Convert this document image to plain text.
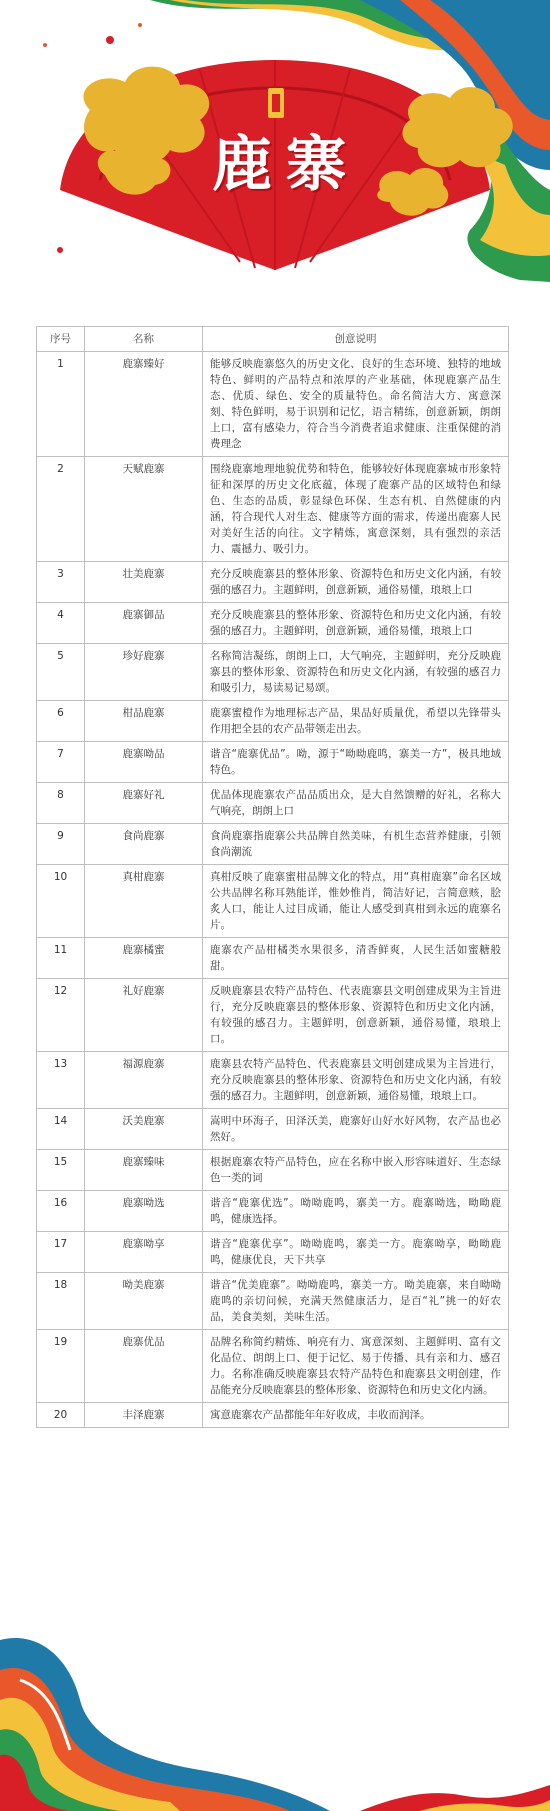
鹿寨
序号	名称	创意说明
1	鹿寨臻好	能够反映鹿寨悠久的历史文化、良好的生态环境、独特的地域特色、鲜明的产品特点和浓厚的产业基础，体现鹿寨产品生态、优质、绿色、安全的质量特色。命名简洁大方、寓意深刻、特色鲜明，易于识别和记忆，语言精练，创意新颖，朗朗上口，富有感染力，符合当今消费者追求健康、注重保健的消费理念
2	天赋鹿寨	围绕鹿寨地理地貌优势和特色，能够较好体现鹿寨城市形象特征和深厚的历史文化底蕴，体现了鹿寨产品的区域特色和绿色、生态的品质，彰显绿色环保、生态有机、自然健康的内涵，符合现代人对生态、健康等方面的需求，传递出鹿寨人民对美好生活的向往。文字精炼，寓意深刻，具有强烈的亲活力、震撼力、吸引力。
3	壮美鹿寨	充分反映鹿寨县的整体形象、资源特色和历史文化内涵，有较强的感召力。主题鲜明，创意新颖，通俗易懂，琅琅上口
4	鹿寨御品	充分反映鹿寨县的整体形象、资源特色和历史文化内涵，有较强的感召力。主题鲜明，创意新颖，通俗易懂，琅琅上口
5	珍好鹿寨	名称简洁凝练，朗朗上口，大气响亮，主题鲜明，充分反映鹿寨县的整体形象、资源特色和历史文化内涵，有较强的感召力和吸引力，易读易记易颂。
6	柑品鹿寨	鹿寨蜜橙作为地理标志产品，果品好质量优，希望以先锋带头作用把全县的农产品带领走出去。
7	鹿寨呦品	谐音“鹿寨优品”。呦，源于“呦呦鹿鸣，寨美一方”，极具地域特色。
8	鹿寨好礼	优品体现鹿寨农产品品质出众，是大自然馈赠的好礼，名称大气响亮，朗朗上口
9	食尚鹿寨	食尚鹿寨指鹿寨公共品牌自然美味，有机生态营养健康，引领食尚潮流
10	真柑鹿寨	真柑反映了鹿寨蜜柑品牌文化的特点，用“真柑鹿寨”命名区域公共品牌名称耳熟能详，惟妙惟肖，简洁好记，言简意赅，脍炙人口，能让人过目成诵，能让人感受到真柑到永远的鹿寨名片。
11	鹿寨橘蜜	鹿寨农产品柑橘类水果很多，清香鲜爽，人民生活如蜜糖般甜。
12	礼好鹿寨	反映鹿寨县农特产品特色、代表鹿寨县文明创建成果为主旨进行，充分反映鹿寨县的整体形象、资源特色和历史文化内涵，有较强的感召力。主题鲜明，创意新颖，通俗易懂，琅琅上口。
13	福源鹿寨	鹿寨县农特产品特色、代表鹿寨县文明创建成果为主旨进行，充分反映鹿寨县的整体形象、资源特色和历史文化内涵，有较强的感召力。主题鲜明，创意新颖，通俗易懂，琅琅上口。
14	沃美鹿寨	嵩明中环海子，田泽沃美，鹿寨好山好水好风物，农产品也必然好。
15	鹿寨臻味	根据鹿寨农特产品特色，应在名称中嵌入形容味道好、生态绿色一类的词
16	鹿寨呦选	谐音“鹿寨优选”。呦呦鹿鸣，寨美一方。鹿寨呦选，呦呦鹿鸣，健康选择。
17	鹿寨呦享	谐音“鹿寨优享”。呦呦鹿鸣，寨美一方。鹿寨呦享，呦呦鹿鸣，健康优良，天下共享
18	呦美鹿寨	谐音“优美鹿寨”。呦呦鹿鸣，寨美一方。呦美鹿寨，来自呦呦鹿鸣的亲切问候，充满天然健康活力，是百“礼”挑一的好农品，美食美刻，美味生活。
19	鹿寨优品	品牌名称简约精炼、响亮有力、寓意深刻、主题鲜明、富有文化品位、朗朗上口、便于记忆、易于传播、具有亲和力、感召力。名称准确反映鹿寨县农特产品特色和鹿寨县文明创建，作品能充分反映鹿寨县的整体形象、资源特色和历史文化内涵。
20	丰泽鹿寨	寓意鹿寨农产品都能年年好收成，丰收而润泽。
